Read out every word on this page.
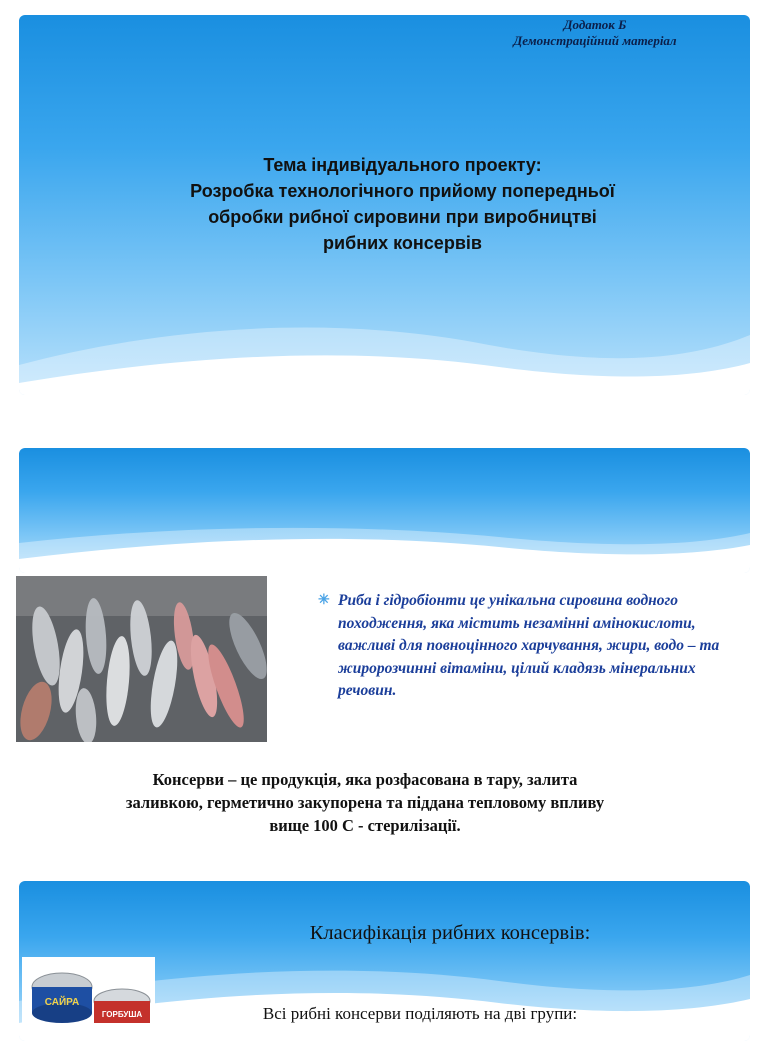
Додаток Б
Демонстраційний матеріал
Тема індивідуального проекту:
Розробка технологічного прийому попередньої
обробки рибної сировини при виробництві
рибних консервів
✳ Риба і гідробіонти це унікальна сировина водного походження, яка містить незамінні амінокислоти, важливі для повноцінного харчування, жири, водо – та жиророзчинні вітаміни, цілий кладязь мінеральних речовин.
Консерви – це продукція, яка розфасована в тару, залита
заливкою, герметично закупорена та піддана тепловому впливу
вище 100 С - стерилізації.
Класифікація рибних консервів:
САЙРА
ГОРБУША	Всі рибні консерви поділяють на дві групи:
